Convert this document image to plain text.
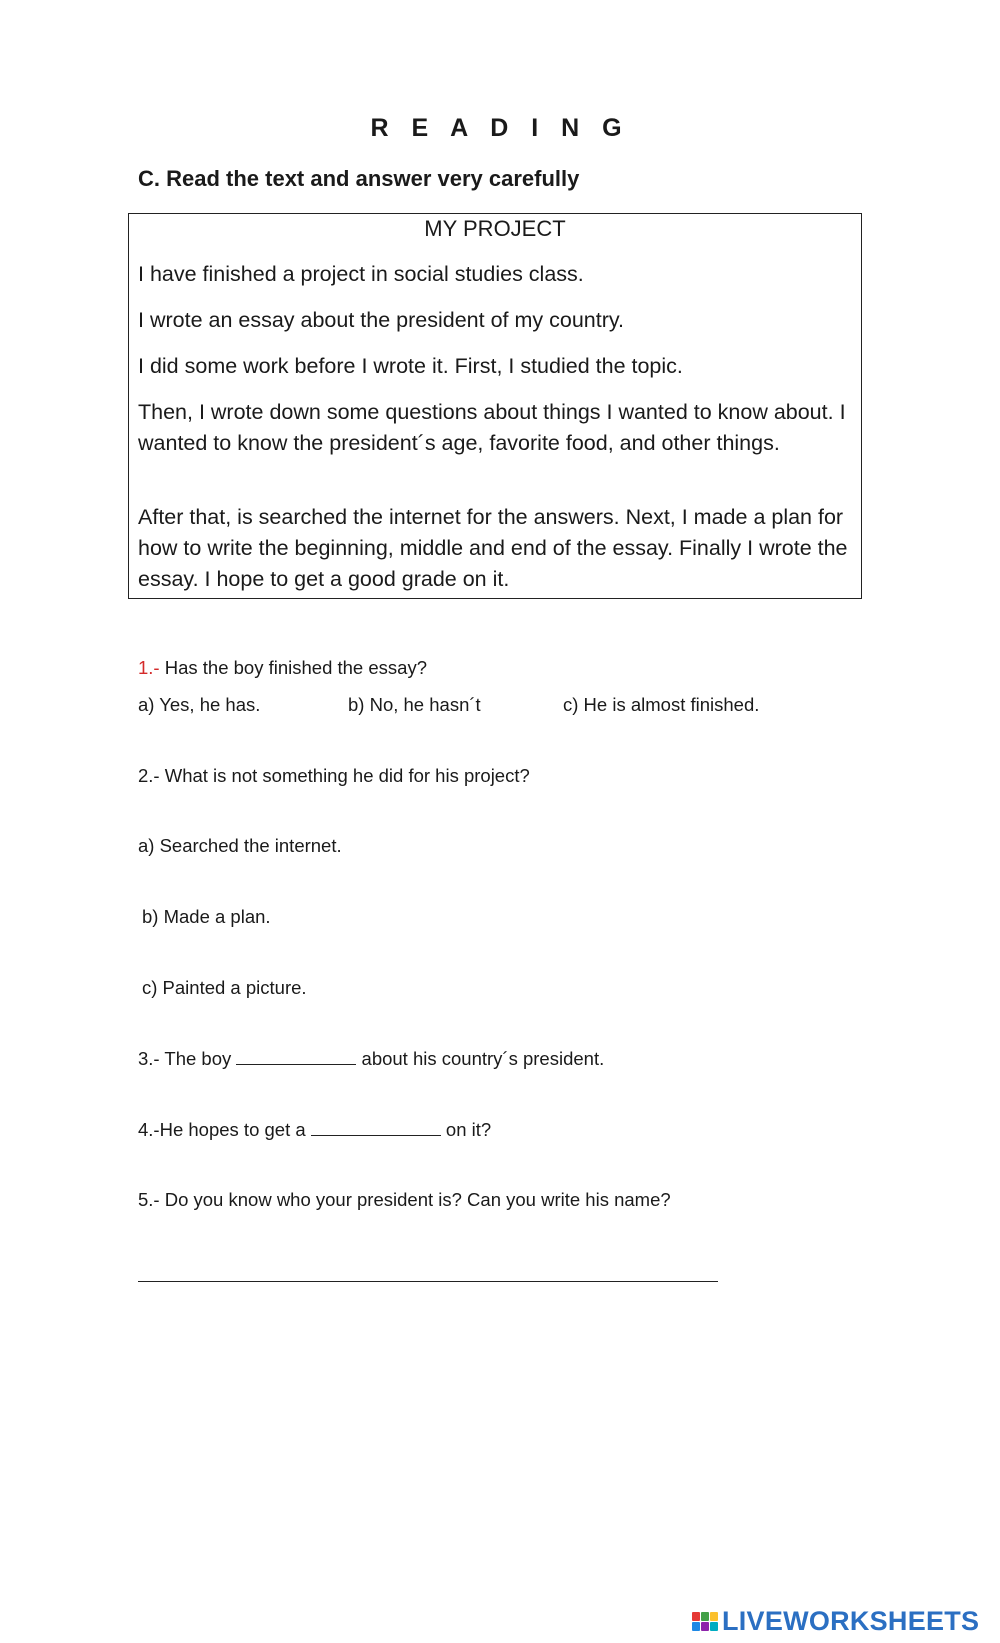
R E A D I N G
C. Read the text and answer very carefully
MY PROJECT
I have finished a project in social studies class.
I wrote an essay about the president of my country.
I did some work before I wrote it. First, I studied the topic.
Then, I wrote down some questions about things I wanted to know about. I wanted to know the president´s age, favorite food, and other things.
After that, is searched the internet for the answers. Next, I made a plan for how to write the beginning, middle and end of the essay. Finally I wrote the essay. I hope to get a good grade on it.
1.- Has the boy finished the essay?
a) Yes, he has.	b) No, he hasn´t	c) He is almost finished.
2.- What is not something he did for his project?
a) Searched the internet.
b) Made a plan.
c) Painted a picture.
3.- The boy	about his country´s president.
4.-He hopes to get a	on it?
5.- Do you know who your president is? Can you write his name?
LIVEWORKSHEETS
